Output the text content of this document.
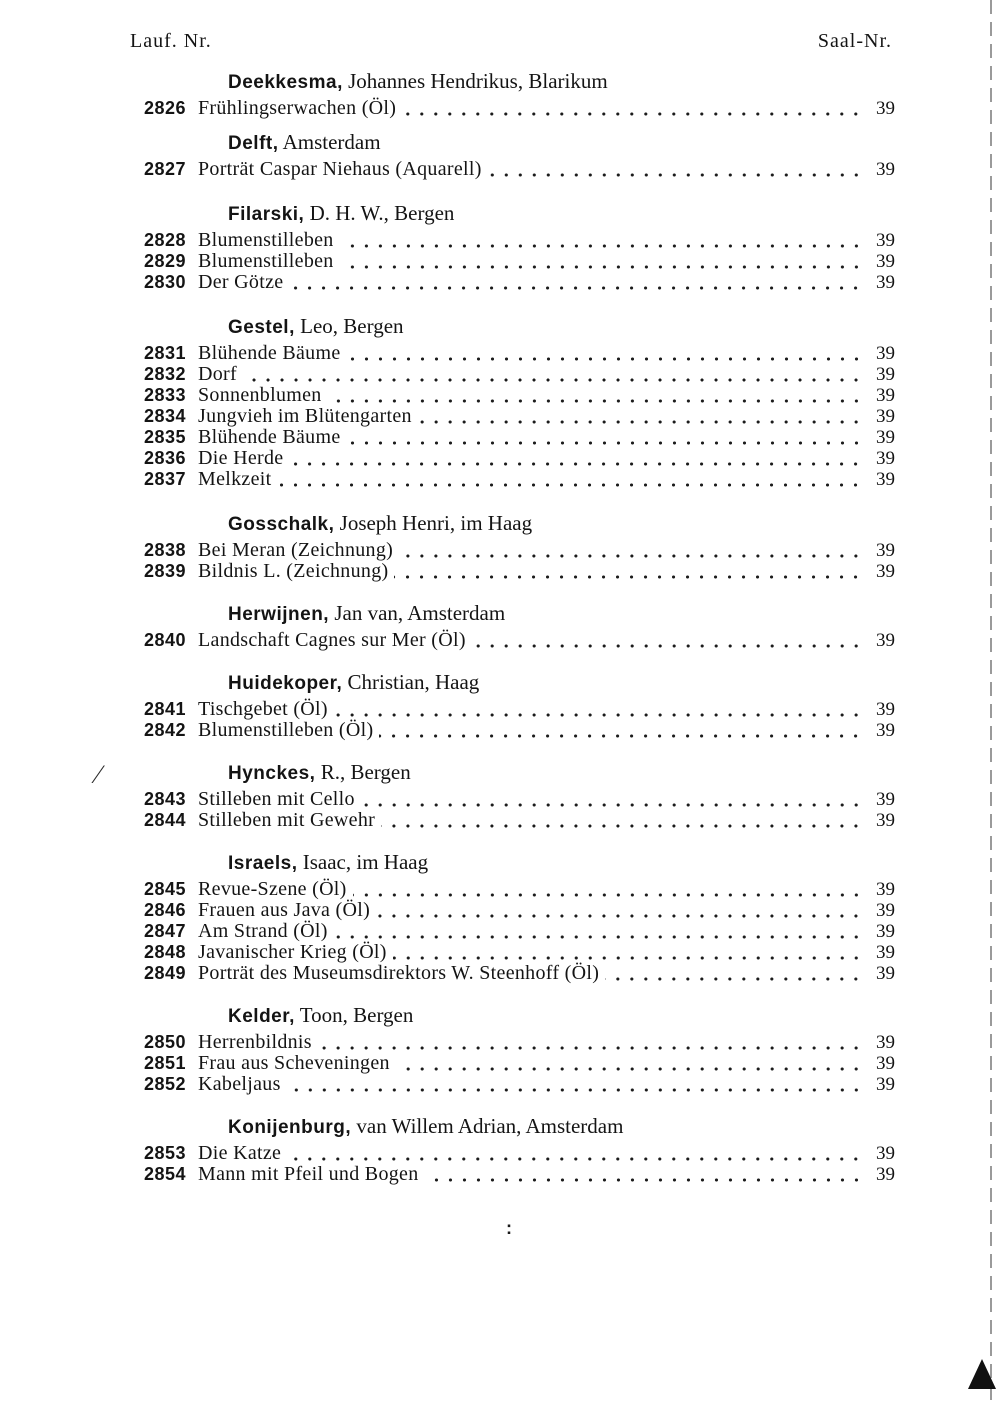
⁄
Lauf. Nr.	Saal-Nr.
Deekkesma, Johannes Hendrikus, Blarikum
2826 Frühlingserwachen (Öl)	39
Delft, Amsterdam
2827 Porträt Caspar Niehaus (Aquarell)	39
Filarski, D. H. W., Bergen
2828 Blumenstilleben	39
2829 Blumenstilleben	39
2830 Der Götze	39
Gestel, Leo, Bergen
2831 Blühende Bäume	39
2832 Dorf	39
2833 Sonnenblumen	39
2834 Jungvieh im Blütengarten	39
2835 Blühende Bäume	39
2836 Die Herde	39
2837 Melkzeit	39
Gosschalk, Joseph Henri, im Haag
2838 Bei Meran (Zeichnung)	39
2839 Bildnis L. (Zeichnung)	39
Herwijnen, Jan van, Amsterdam
2840 Landschaft Cagnes sur Mer (Öl)	39
Huidekoper, Christian, Haag
2841 Tischgebet (Öl)	39
2842 Blumenstilleben (Öl)	39
Hynckes, R., Bergen
2843 Stilleben mit Cello	39
2844 Stilleben mit Gewehr	39
Israels, Isaac, im Haag
2845 Revue-Szene (Öl)	39
2846 Frauen aus Java (Öl)	39
2847 Am Strand (Öl)	39
2848 Javanischer Krieg (Öl)	39
2849 Porträt des Museumsdirektors W. Steenhoff (Öl)	39
Kelder, Toon, Bergen
2850 Herrenbildnis	39
2851 Frau aus Scheveningen	39
2852 Kabeljaus	39
Konijenburg, van Willem Adrian, Amsterdam
2853 Die Katze	39
2854 Mann mit Pfeil und Bogen	39
:
